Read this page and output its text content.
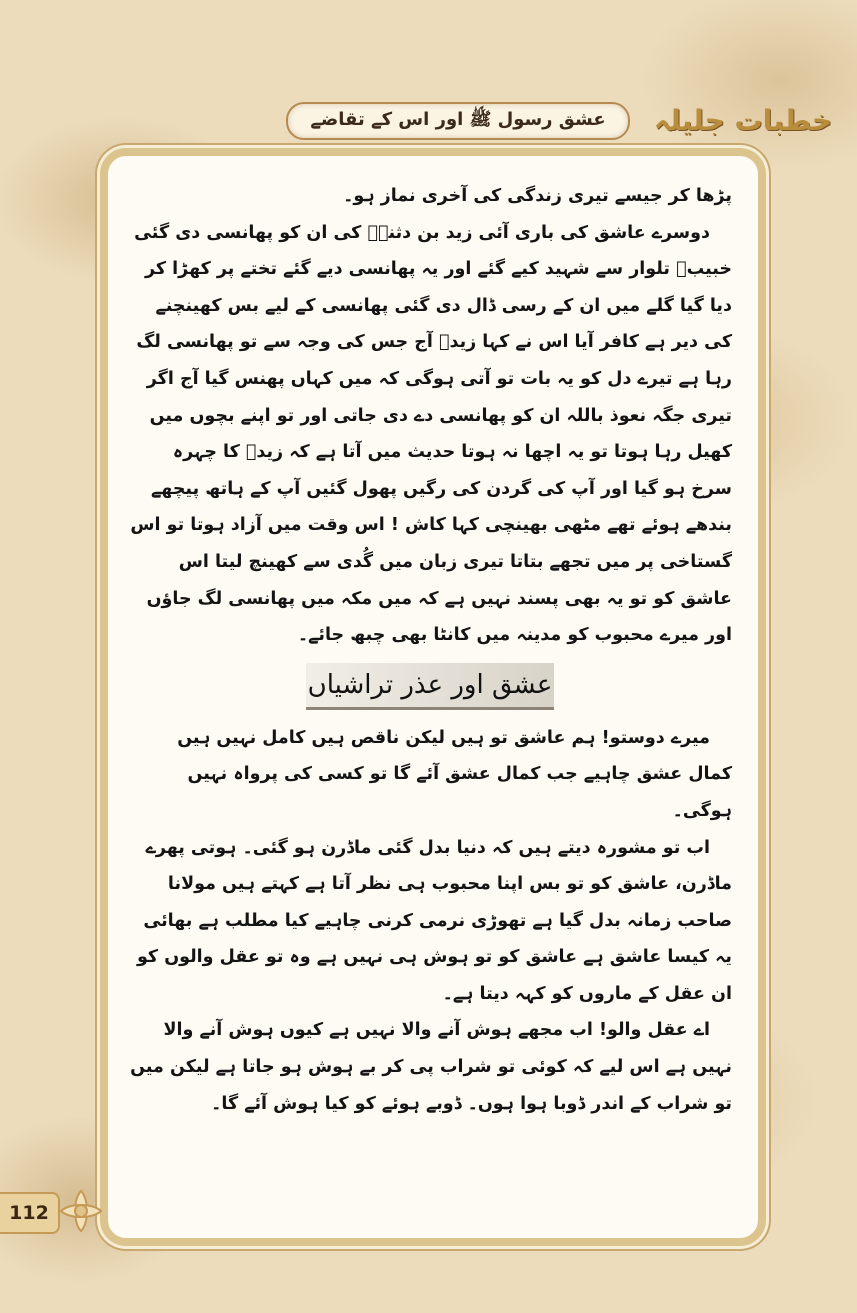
عشق رسول ﷺ اور اس کے تقاضے	خطبات جلیلہ

پڑھا کر جیسے تیری زندگی کی آخری نماز ہو۔

دوسرے عاشق کی باری آئی زید بن دثنہؓ کی ان کو پھانسی دی گئی خبیبؓ تلوار سے شہید کیے گئے اور یہ پھانسی دیے گئے تختے پر کھڑا کر دیا گیا گلے میں ان کے رسی ڈال دی گئی پھانسی کے لیے بس کھینچنے کی دیر ہے کافر آیا اس نے کہا زیدؓ آج جس کی وجہ سے تو پھانسی لگ رہا ہے تیرے دل کو یہ بات تو آتی ہوگی کہ میں کہاں پھنس گیا آج اگر تیری جگہ نعوذ باللہ ان کو پھانسی دے دی جاتی اور تو اپنے بچوں میں کھیل رہا ہوتا تو یہ اچھا نہ ہوتا حدیث میں آتا ہے کہ زیدؓ کا چہرہ سرخ ہو گیا اور آپ کی گردن کی رگیں پھول گئیں آپ کے ہاتھ پیچھے بندھے ہوئے تھے مٹھی بھینچی کہا کاش ! اس وقت میں آزاد ہوتا تو اس گستاخی پر میں تجھے بتاتا تیری زبان میں گُدی سے کھینچ لیتا اس عاشق کو تو یہ بھی پسند نہیں ہے کہ میں مکہ میں پھانسی لگ جاؤں اور میرے محبوب کو مدینہ میں کانٹا بھی چبھ جائے۔

عشق اور عذر تراشیاں

میرے دوستو! ہم عاشق تو ہیں لیکن ناقص ہیں کامل نہیں ہیں کمال عشق چاہیے جب کمال عشق آئے گا تو کسی کی پرواہ نہیں ہوگی۔

اب تو مشورہ دیتے ہیں کہ دنیا بدل گئی ماڈرن ہو گئی۔ ہوتی پھرے ماڈرن، عاشق کو تو بس اپنا محبوب ہی نظر آتا ہے کہتے ہیں مولانا صاحب زمانہ بدل گیا ہے تھوڑی نرمی کرنی چاہیے کیا مطلب ہے بھائی یہ کیسا عاشق ہے عاشق کو تو ہوش ہی نہیں ہے وہ تو عقل والوں کو ان عقل کے ماروں کو کہہ دیتا ہے۔

اے عقل والو! اب مجھے ہوش آنے والا نہیں ہے کیوں ہوش آنے والا نہیں ہے اس لیے کہ کوئی تو شراب پی کر بے ہوش ہو جاتا ہے لیکن میں تو شراب کے اندر ڈوبا ہوا ہوں۔ ڈوبے ہوئے کو کیا ہوش آئے گا۔

112
